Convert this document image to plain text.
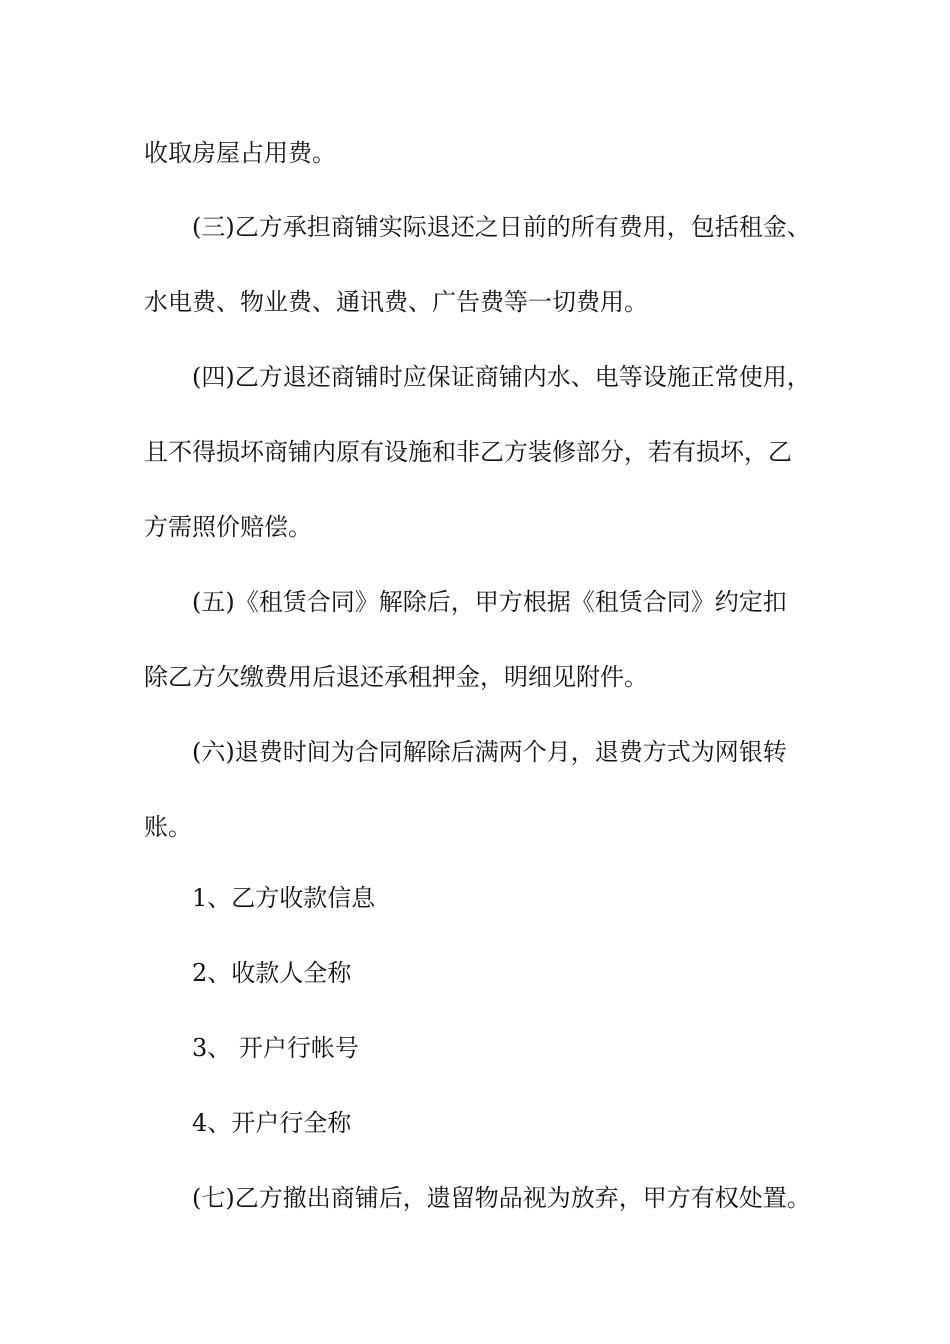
收取房屋占用费。
(三)乙方承担商铺实际退还之日前的所有费用，包括租金、
水电费、物业费、通讯费、广告费等一切费用。
(四)乙方退还商铺时应保证商铺内水、电等设施正常使用，
且不得损坏商铺内原有设施和非乙方装修部分，若有损坏，乙
方需照价赔偿。
(五)《租赁合同》解除后，甲方根据《租赁合同》约定扣
除乙方欠缴费用后退还承租押金，明细见附件。
(六)退费时间为合同解除后满两个月，退费方式为网银转
账。
1、乙方收款信息
2、收款人全称
3、 开户行帐号
4、开户行全称
(七)乙方撤出商铺后，遗留物品视为放弃，甲方有权处置。
